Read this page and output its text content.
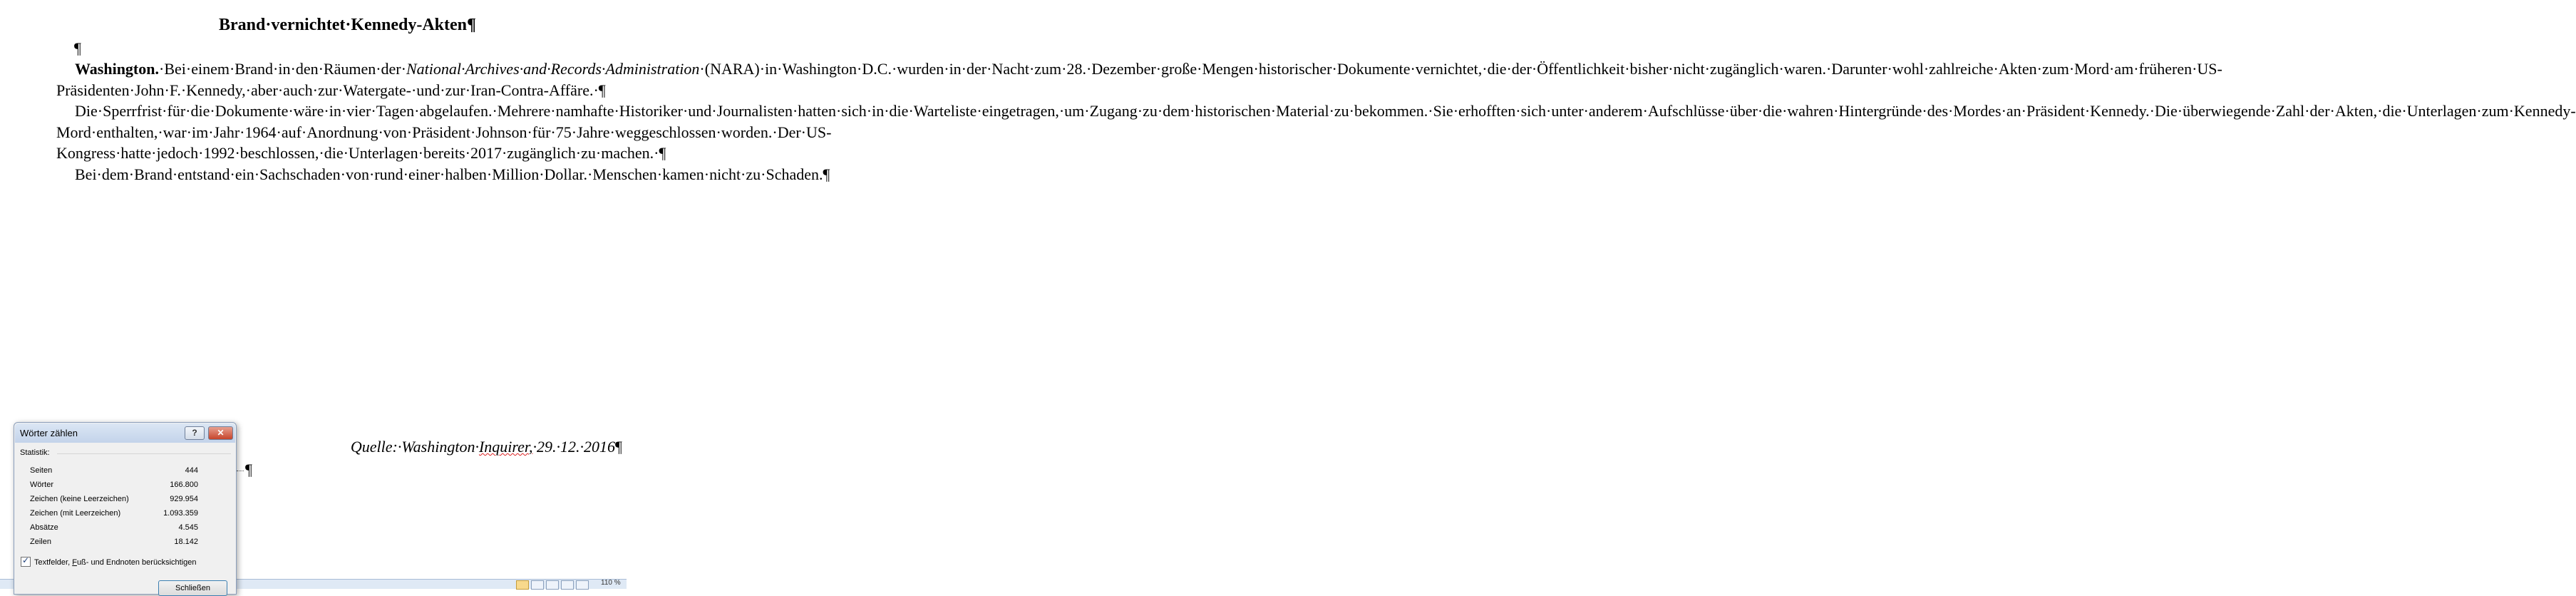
Brand·vernichtet·Kennedy-Akten¶
¶

Washington.·Bei·einem·Brand·in·den·Räumen·der·National·Archives·and·Records·Administration·(NARA)·in·Washington·D.C.·wurden·in·der·Nacht·zum·28.·Dezember·große·Mengen·historischer·Dokumente·vernichtet,·die·der·Öffentlichkeit·bisher·nicht·zugänglich·waren.·Darunter·wohl·zahlreiche·Akten·zum·Mord·am·früheren·US-Präsidenten·John·F.·Kennedy,·aber·auch·zur·Watergate-·und·zur·Iran-Contra-Affäre.·¶

Die·Sperrfrist·für·die·Dokumente·wäre·in·vier·Tagen·abgelaufen.·Mehrere·namhafte·Historiker·und·Journalisten·hatten·sich·in·die·Warteliste·eingetragen,·um·Zugang·zu·dem·historischen·Material·zu·bekommen.·Sie·erhofften·sich·unter·anderem·Aufschlüsse·über·die·wahren·Hintergründe·des·Mordes·an·Präsident·Kennedy.·Die·überwiegende·Zahl·der·Akten,·die·Unterlagen·zum·Kennedy-Mord·enthalten,·war·im·Jahr·1964·auf·Anordnung·von·Präsident·Johnson·für·75·Jahre·weggeschlossen·worden.·Der·US-Kongress·hatte·jedoch·1992·beschlossen,·die·Unterlagen·bereits·2017·zugänglich·zu·machen.·¶

Bei·dem·Brand·entstand·ein·Sachschaden·von·rund·einer·halben·Million·Dollar.·Menschen·kamen·nicht·zu·Schaden.¶

Quelle:·Washington·Inquirer,·29.·12.·2016¶
¶
110 %
Wörter zählen	?	✕
Statistik:
Seiten	444
Wörter	166.800
Zeichen (keine Leerzeichen)	929.954
Zeichen (mit Leerzeichen)	1.093.359
Absätze	4.545
Zeilen	18.142
✓Textfelder, Fuß- und Endnoten berücksichtigen
Schließen
